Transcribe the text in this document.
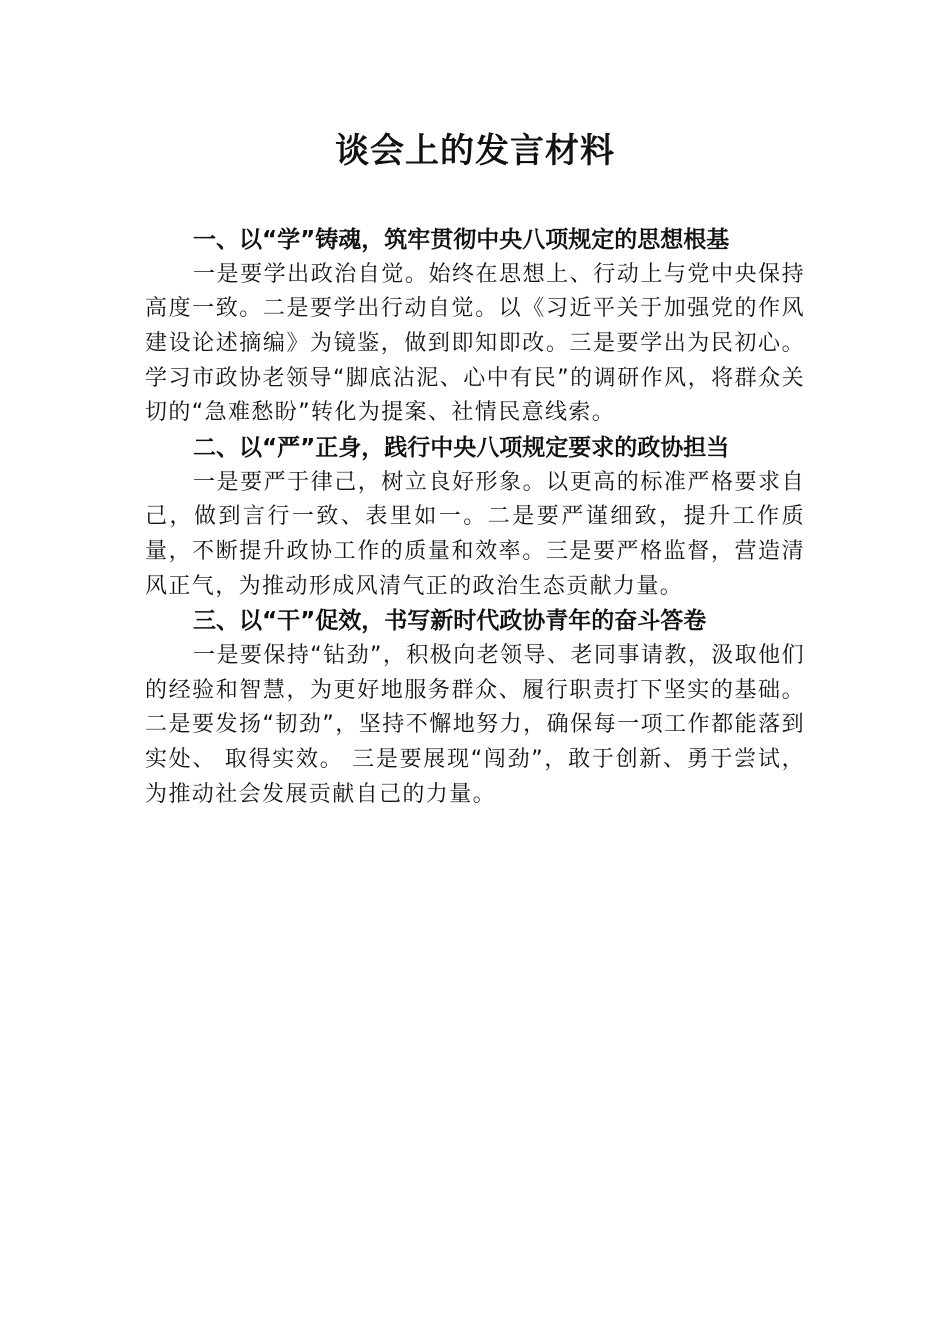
谈会上的发言材料

一、以“学”铸魂，筑牢贯彻中央八项规定的思想根基

一是要学出政治自觉。始终在思想上、行动上与党中央保持高度一致。二是要学出行动自觉。以《习近平关于加强党的作风建设论述摘编》为镜鉴，做到即知即改。三是要学出为民初心。学习市政协老领导“脚底沾泥、心中有民”的调研作风，将群众关切的“急难愁盼”转化为提案、社情民意线索。

二、以“严”正身，践行中央八项规定要求的政协担当

一是要严于律己，树立良好形象。以更高的标准严格要求自己，做到言行一致、表里如一。二是要严谨细致，提升工作质量，不断提升政协工作的质量和效率。三是要严格监督，营造清风正气，为推动形成风清气正的政治生态贡献力量。

三、以“干”促效，书写新时代政协青年的奋斗答卷

一是要保持“钻劲”，积极向老领导、老同事请教，汲取他们的经验和智慧，为更好地服务群众、履行职责打下坚实的基础。二是要发扬“韧劲”，坚持不懈地努力，确保每一项工作都能落到实处、 取得实效。 三是要展现“闯劲”，敢于创新、勇于尝试，为推动社会发展贡献自己的力量。
